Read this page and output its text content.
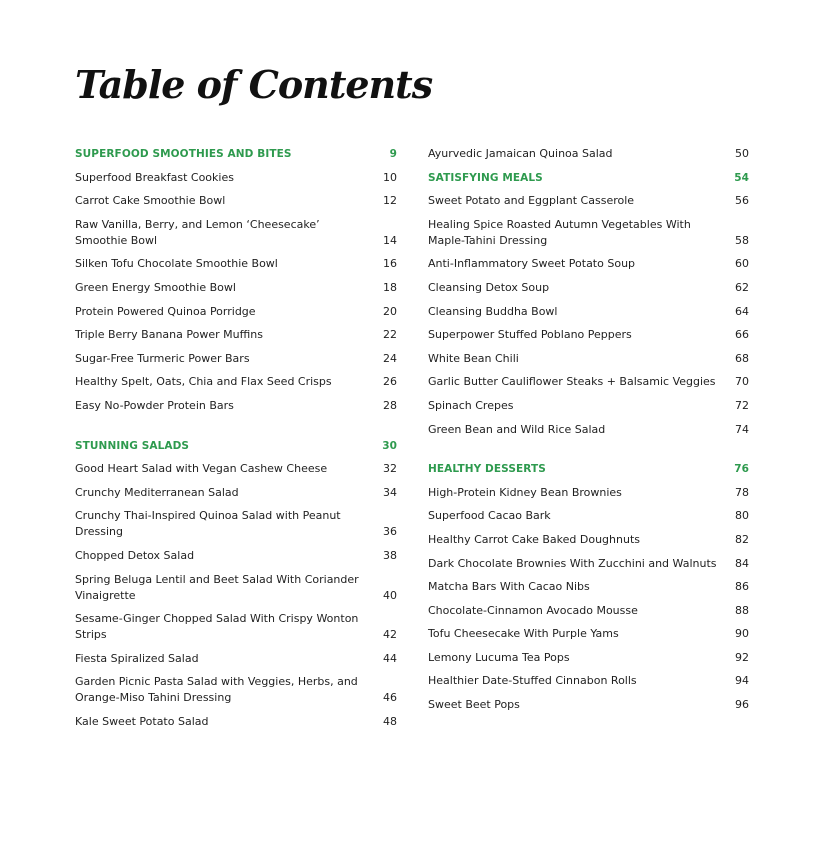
Table of Contents
SUPERFOOD SMOOTHIES AND BITES	9
Superfood Breakfast Cookies	10
Carrot Cake Smoothie Bowl	12
Raw Vanilla, Berry, and Lemon ‘Cheesecake’ Smoothie Bowl	14
Silken Tofu Chocolate Smoothie Bowl	16
Green Energy Smoothie Bowl	18
Protein Powered Quinoa Porridge	20
Triple Berry Banana Power Muffins	22
Sugar-Free Turmeric Power Bars	24
Healthy Spelt, Oats, Chia and Flax Seed Crisps	26
Easy No-Powder Protein Bars	28
STUNNING SALADS	30
Good Heart Salad with Vegan Cashew Cheese	32
Crunchy Mediterranean Salad	34
Crunchy Thai-Inspired Quinoa Salad with Peanut Dressing	36
Chopped Detox Salad	38
Spring Beluga Lentil and Beet Salad With Coriander Vinaigrette	40
Sesame-Ginger Chopped Salad With Crispy Wonton Strips	42
Fiesta Spiralized Salad	44
Garden Picnic Pasta Salad with Veggies, Herbs, and Orange-Miso Tahini Dressing	46
Kale Sweet Potato Salad	48
Ayurvedic Jamaican Quinoa Salad	50
SATISFYING MEALS	54
Sweet Potato and Eggplant Casserole	56
Healing Spice Roasted Autumn Vegetables With Maple-Tahini Dressing	58
Anti-Inflammatory Sweet Potato Soup	60
Cleansing Detox Soup	62
Cleansing Buddha Bowl	64
Superpower Stuffed Poblano Peppers	66
White Bean Chili	68
Garlic Butter Cauliflower Steaks + Balsamic Veggies	70
Spinach Crepes	72
Green Bean and Wild Rice Salad	74
HEALTHY DESSERTS	76
High-Protein Kidney Bean Brownies	78
Superfood Cacao Bark	80
Healthy Carrot Cake Baked Doughnuts	82
Dark Chocolate Brownies With Zucchini and Walnuts	84
Matcha Bars With Cacao Nibs	86
Chocolate-Cinnamon Avocado Mousse	88
Tofu Cheesecake With Purple Yams	90
Lemony Lucuma Tea Pops	92
Healthier Date-Stuffed Cinnabon Rolls	94
Sweet Beet Pops	96
